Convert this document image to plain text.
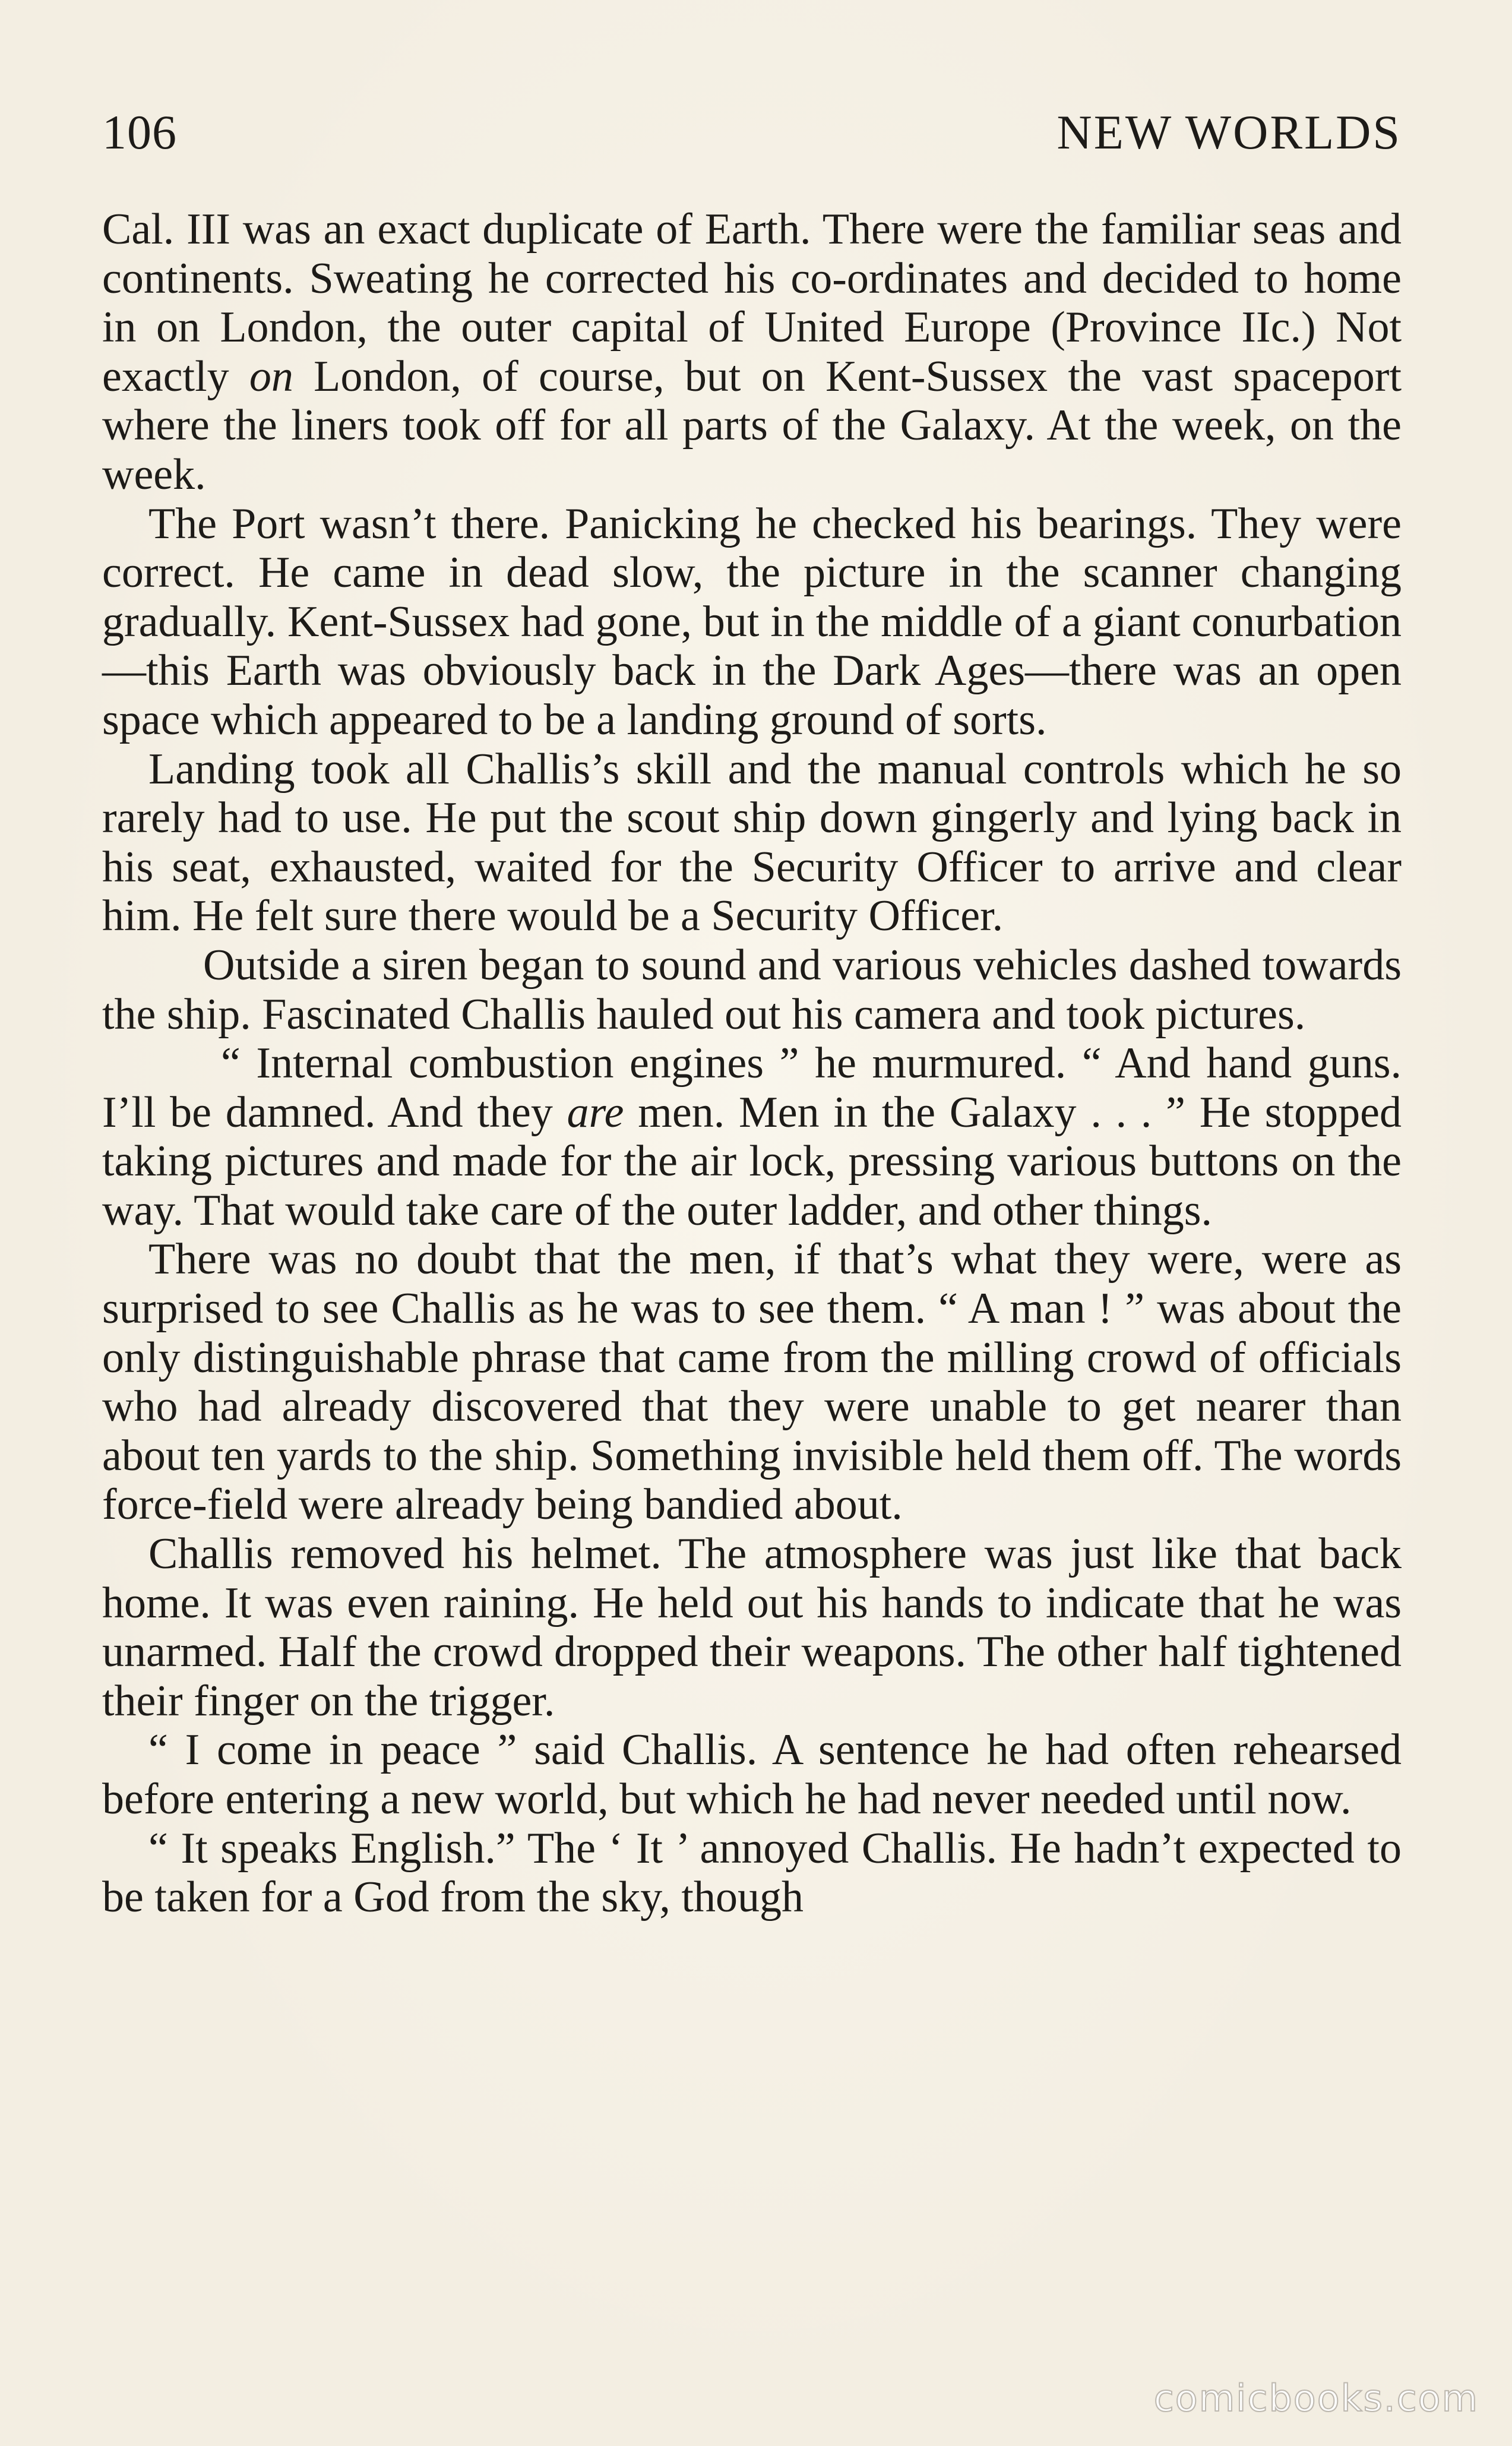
106	NEW WORLDS

Cal. III was an exact duplicate of Earth. There were the familiar seas and continents. Sweating he corrected his co-ordinates and decided to home in on London, the outer capital of United Europe (Province IIc.) Not exactly on London, of course, but on Kent-Sussex the vast spaceport where the liners took off for all parts of the Galaxy. At the week, on the week.

The Port wasn’t there. Panicking he checked his bearings. They were correct. He came in dead slow, the picture in the scanner changing gradually. Kent-Sussex had gone, but in the middle of a giant conurbation—this Earth was obviously back in the Dark Ages—there was an open space which appeared to be a landing ground of sorts.

Landing took all Challis’s skill and the manual controls which he so rarely had to use. He put the scout ship down gingerly and lying back in his seat, exhausted, waited for the Security Officer to arrive and clear him. He felt sure there would be a Security Officer.

Outside a siren began to sound and various vehicles dashed towards the ship. Fascinated Challis hauled out his camera and took pictures.

“ Internal combustion engines ” he murmured. “ And hand guns. I’ll be damned. And they are men. Men in the Galaxy . . . ” He stopped taking pictures and made for the air lock, pressing various buttons on the way. That would take care of the outer ladder, and other things.

There was no doubt that the men, if that’s what they were, were as surprised to see Challis as he was to see them. “ A man ! ” was about the only distinguishable phrase that came from the milling crowd of officials who had already discovered that they were unable to get nearer than about ten yards to the ship. Something invisible held them off. The words force-field were already being bandied about.

Challis removed his helmet. The atmosphere was just like that back home. It was even raining. He held out his hands to indicate that he was unarmed. Half the crowd dropped their weapons. The other half tightened their finger on the trigger.

“ I come in peace ” said Challis. A sentence he had often rehearsed before entering a new world, but which he had never needed until now.

“ It speaks English.” The ‘ It ’ annoyed Challis. He hadn’t expected to be taken for a God from the sky, though

comicbooks.com
